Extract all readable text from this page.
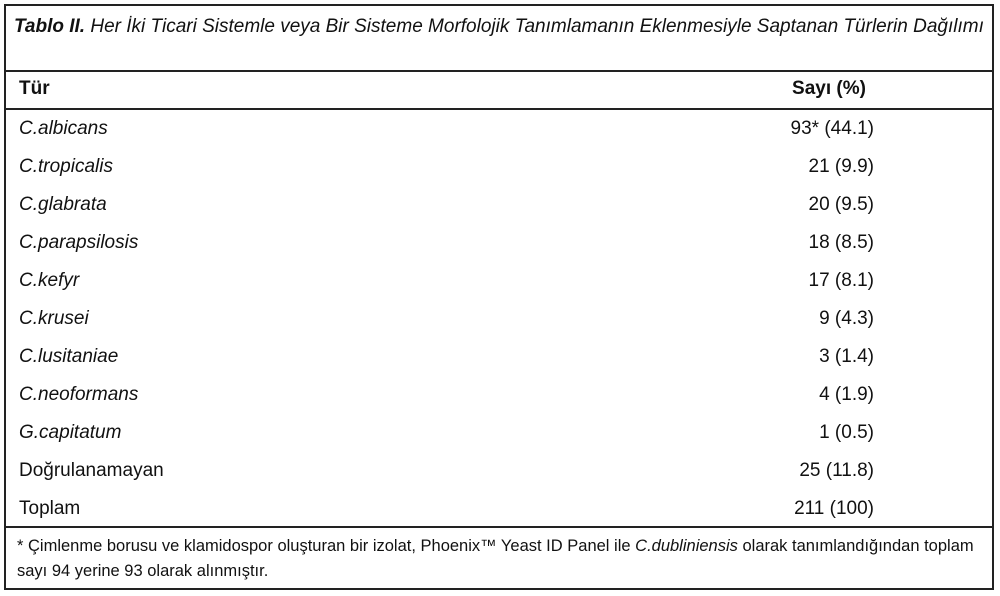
Tablo II. Her İki Ticari Sistemle veya Bir Sisteme Morfolojik Tanımlamanın Eklenmesiyle Saptanan Türlerin Dağılımı
Tür	Sayı (%)
C.albicans	93* (44.1)
C.tropicalis	21 (9.9)
C.glabrata	20 (9.5)
C.parapsilosis	18 (8.5)
C.kefyr	17 (8.1)
C.krusei	9 (4.3)
C.lusitaniae	3 (1.4)
C.neoformans	4 (1.9)
G.capitatum	1 (0.5)
Doğrulanamayan	25 (11.8)
Toplam	211 (100)
* Çimlenme borusu ve klamidospor oluşturan bir izolat, Phoenix™ Yeast ID Panel ile C.dubliniensis olarak tanımlandığından toplam sayı 94 yerine 93 olarak alınmıştır.
